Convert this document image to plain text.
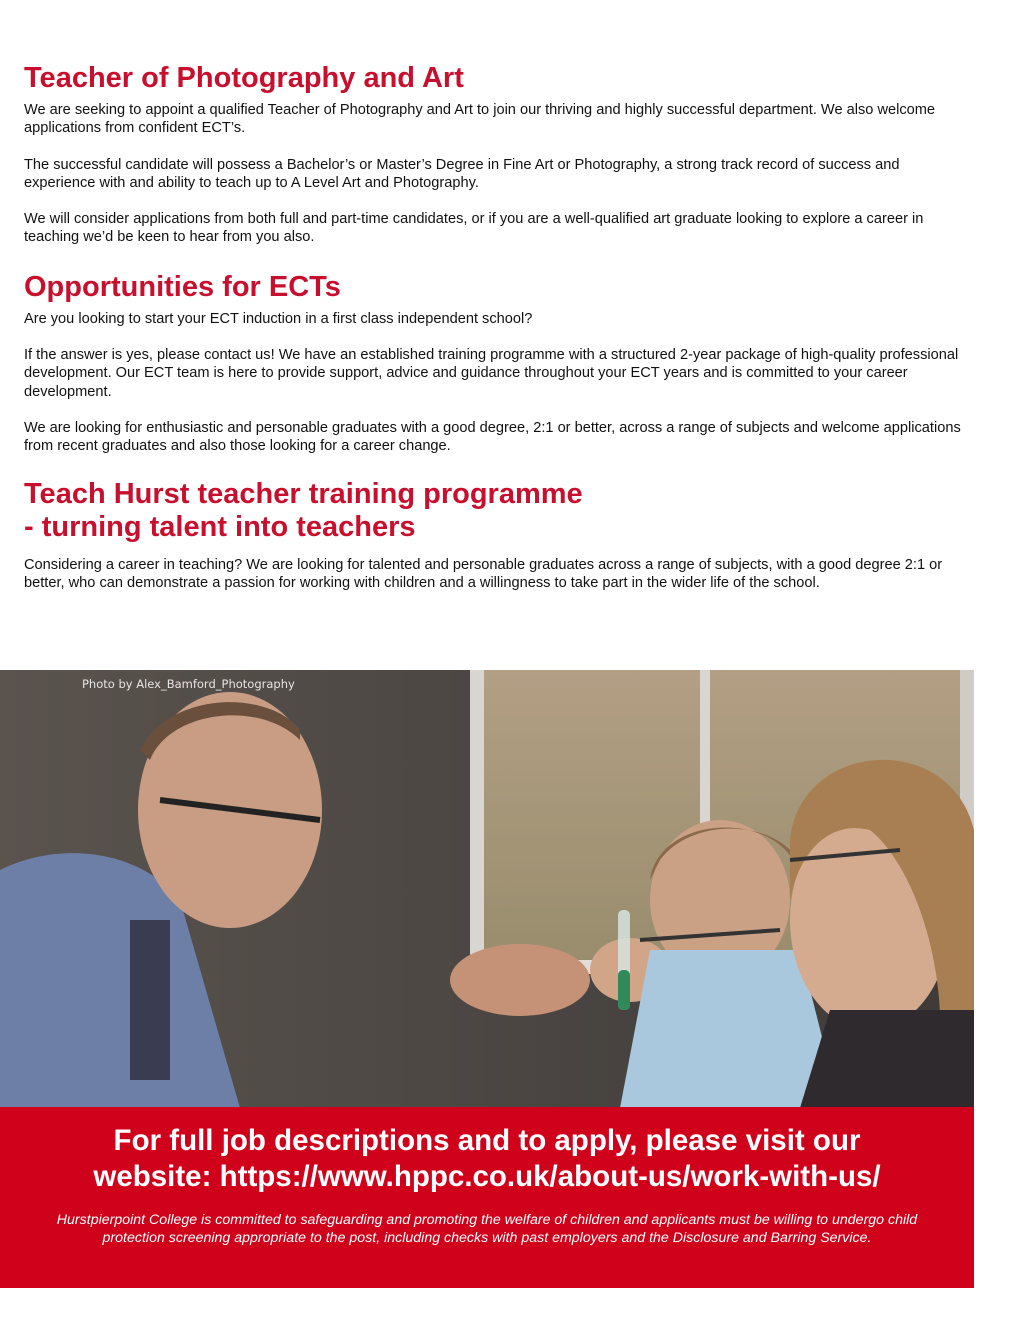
Teacher of Photography and Art

We are seeking to appoint a qualified Teacher of Photography and Art to join our thriving and highly successful department. We also welcome applications from confident ECT’s.

The successful candidate will possess a Bachelor’s or Master’s Degree in Fine Art or Photography, a strong track record of success and experience with and ability to teach up to A Level Art and Photography.

We will consider applications from both full and part-time candidates, or if you are a well-qualified art graduate looking to explore a career in teaching we’d be keen to hear from you also.

Opportunities for ECTs

Are you looking to start your ECT induction in a first class independent school?

If the answer is yes, please contact us! We have an established training programme with a structured 2-year package of high-quality professional development. Our ECT team is here to provide support, advice and guidance throughout your ECT years and is committed to your career development.

We are looking for enthusiastic and personable graduates with a good degree, 2:1 or better, across a range of subjects and welcome applications from recent graduates and also those looking for a career change.

Teach Hurst teacher training programme
- turning talent into teachers

Considering a career in teaching? We are looking for talented and personable graduates across a range of subjects, with a good degree 2:1 or better, who can demonstrate a passion for working with children and a willingness to take part in the wider life of the school.

Photo by Alex_Bamford_Photography
For full job descriptions and to apply, please visit our
website: https://www.hppc.co.uk/about-us/work-with-us/
Hurstpierpoint College is committed to safeguarding and promoting the welfare of children and applicants must be willing to undergo child protection screening appropriate to the post, including checks with past employers and the Disclosure and Barring Service.
